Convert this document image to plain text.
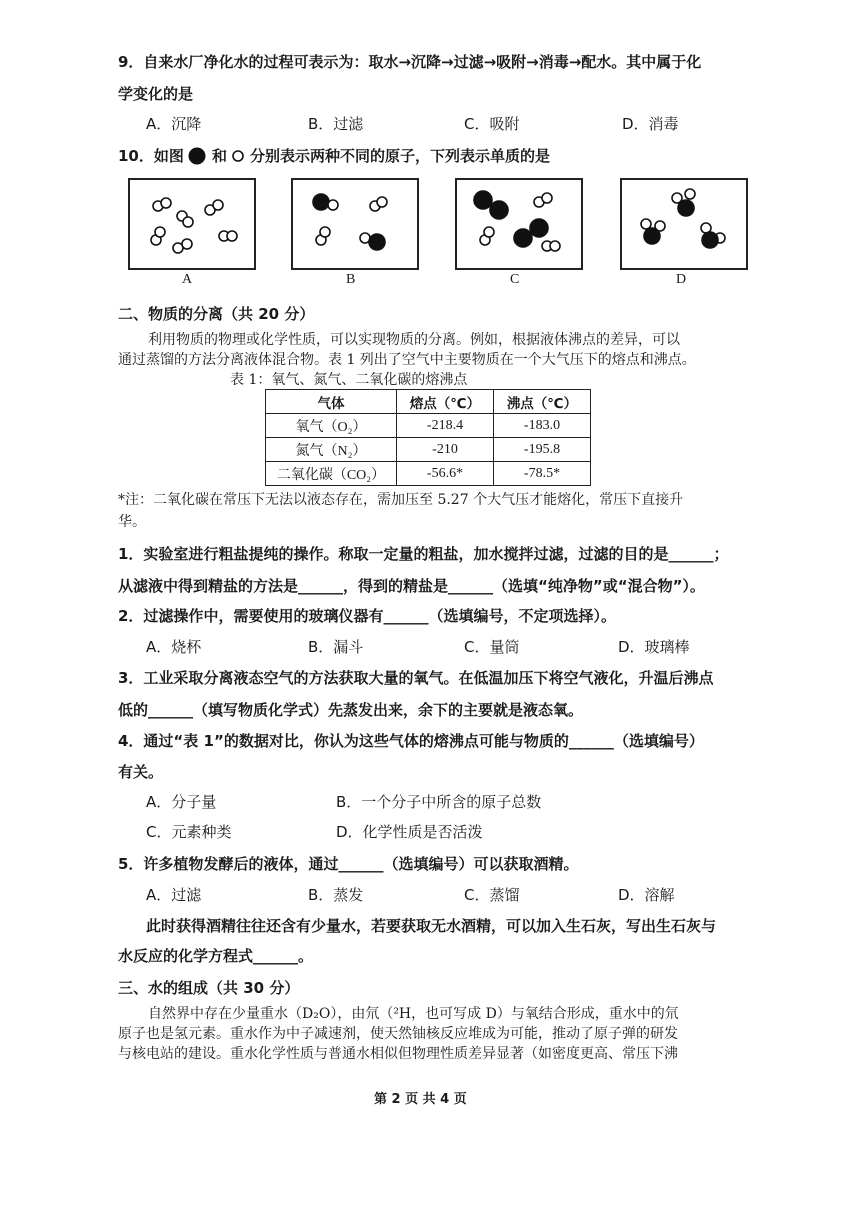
9．自来水厂净化水的过程可表示为：取水→沉降→过滤→吸附→消毒→配水。其中属于化
学变化的是
A．沉降	B．过滤	C．吸附	D．消毒
10．如图 和 分别表示两种不同的原子，下列表示单质的是
A	B	C	D
二、物质的分离（共 20 分）
利用物质的物理或化学性质，可以实现物质的分离。例如，根据液体沸点的差异，可以
通过蒸馏的方法分离液体混合物。表 1 列出了空气中主要物质在一个大气压下的熔点和沸点。
表 1：氧气、氮气、二氧化碳的熔沸点
气体	熔点（℃）	沸点（℃）
氧气（O₂）	-218.4	-183.0
氮气（N₂）	-210	-195.8
二氧化碳（CO₂）	-56.6*	-78.5*
*注：二氧化碳在常压下无法以液态存在，需加压至 5.27 个大气压才能熔化，常压下直接升
华。
1．实验室进行粗盐提纯的操作。称取一定量的粗盐，加水搅拌过滤，过滤的目的是______；
从滤液中得到精盐的方法是______，得到的精盐是______（选填“纯净物”或“混合物”）。
2．过滤操作中，需要使用的玻璃仪器有______（选填编号，不定项选择）。
A．烧杯	B．漏斗	C．量筒	D．玻璃棒
3．工业采取分离液态空气的方法获取大量的氧气。在低温加压下将空气液化，升温后沸点
低的______（填写物质化学式）先蒸发出来，余下的主要就是液态氧。
4．通过“表 1”的数据对比，你认为这些气体的熔沸点可能与物质的______（选填编号）
有关。
A．分子量	B．一个分子中所含的原子总数
C．元素种类	D．化学性质是否活泼
5．许多植物发酵后的液体，通过______（选填编号）可以获取酒精。
A．过滤	B．蒸发	C．蒸馏	D．溶解
此时获得酒精往往还含有少量水，若要获取无水酒精，可以加入生石灰，写出生石灰与
水反应的化学方程式______。
三、水的组成（共 30 分）
自然界中存在少量重水（D₂O），由氘（²H，也可写成 D）与氧结合形成，重水中的氘
原子也是氢元素。重水作为中子减速剂，使天然铀核反应堆成为可能，推动了原子弹的研发
与核电站的建设。重水化学性质与普通水相似但物理性质差异显著（如密度更高、常压下沸
第 2 页 共 4 页
